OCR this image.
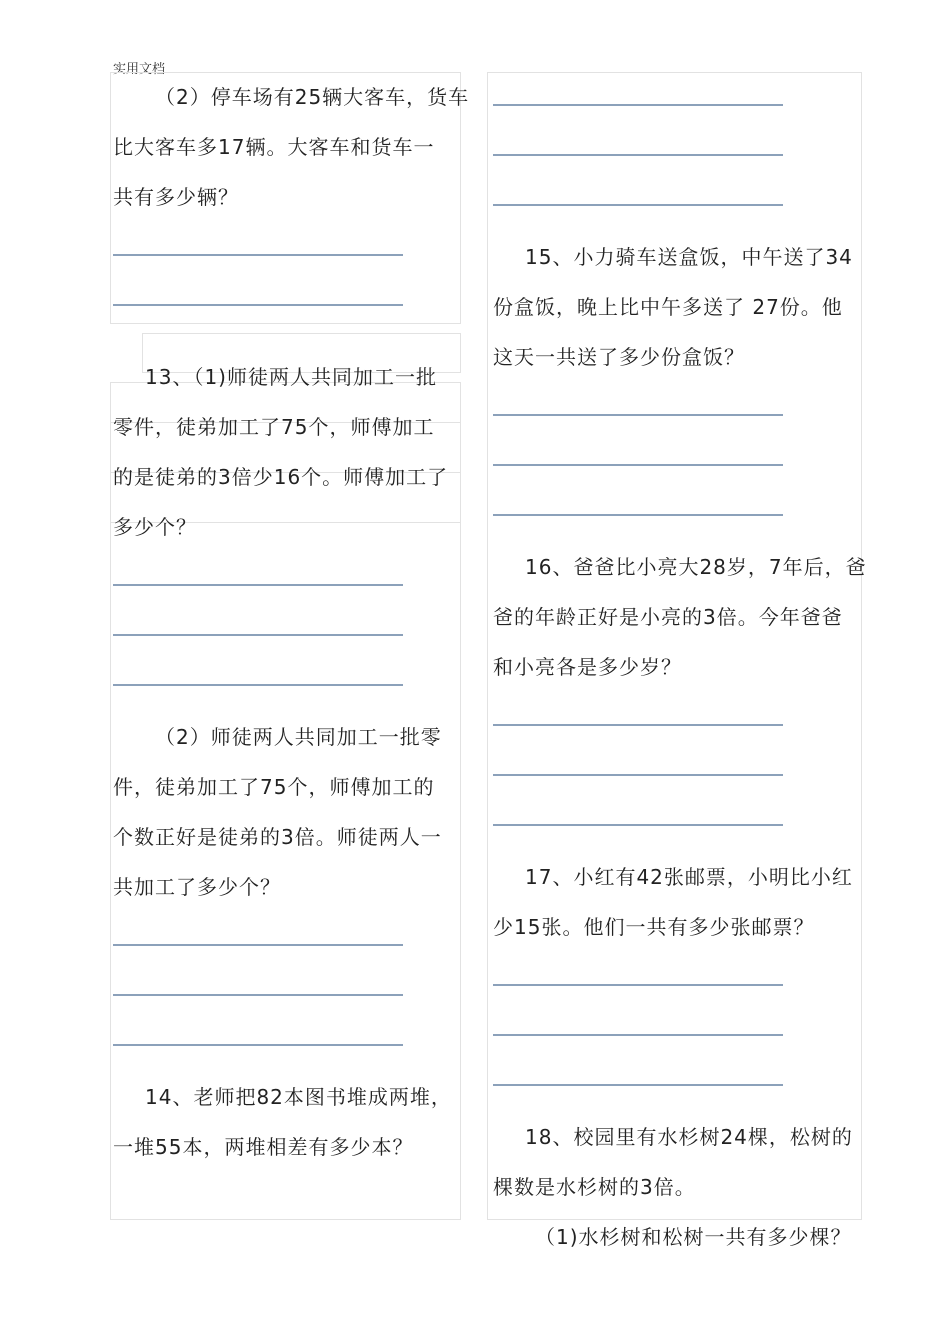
实用文档

（2）停车场有25辆大客车，货车

比大客车多17辆。大客车和货车一

共有多少辆？

13、（1)师徒两人共同加工一批

零件，徒弟加工了75个，师傅加工

的是徒弟的3倍少16个。师傅加工了

多少个？

（2）师徒两人共同加工一批零

件，徒弟加工了75个，师傅加工的

个数正好是徒弟的3倍。师徒两人一

共加工了多少个？

14、老师把82本图书堆成两堆，

一堆55本，两堆相差有多少本？

15、小力骑车送盒饭，中午送了34

份盒饭，晚上比中午多送了 27份。他

这天一共送了多少份盒饭？

16、爸爸比小亮大28岁，7年后，爸

爸的年龄正好是小亮的3倍。今年爸爸

和小亮各是多少岁？

17、小红有42张邮票，小明比小红

少15张。他们一共有多少张邮票？

18、校园里有水杉树24棵，松树的

棵数是水杉树的3倍。

（1)水杉树和松树一共有多少棵？
